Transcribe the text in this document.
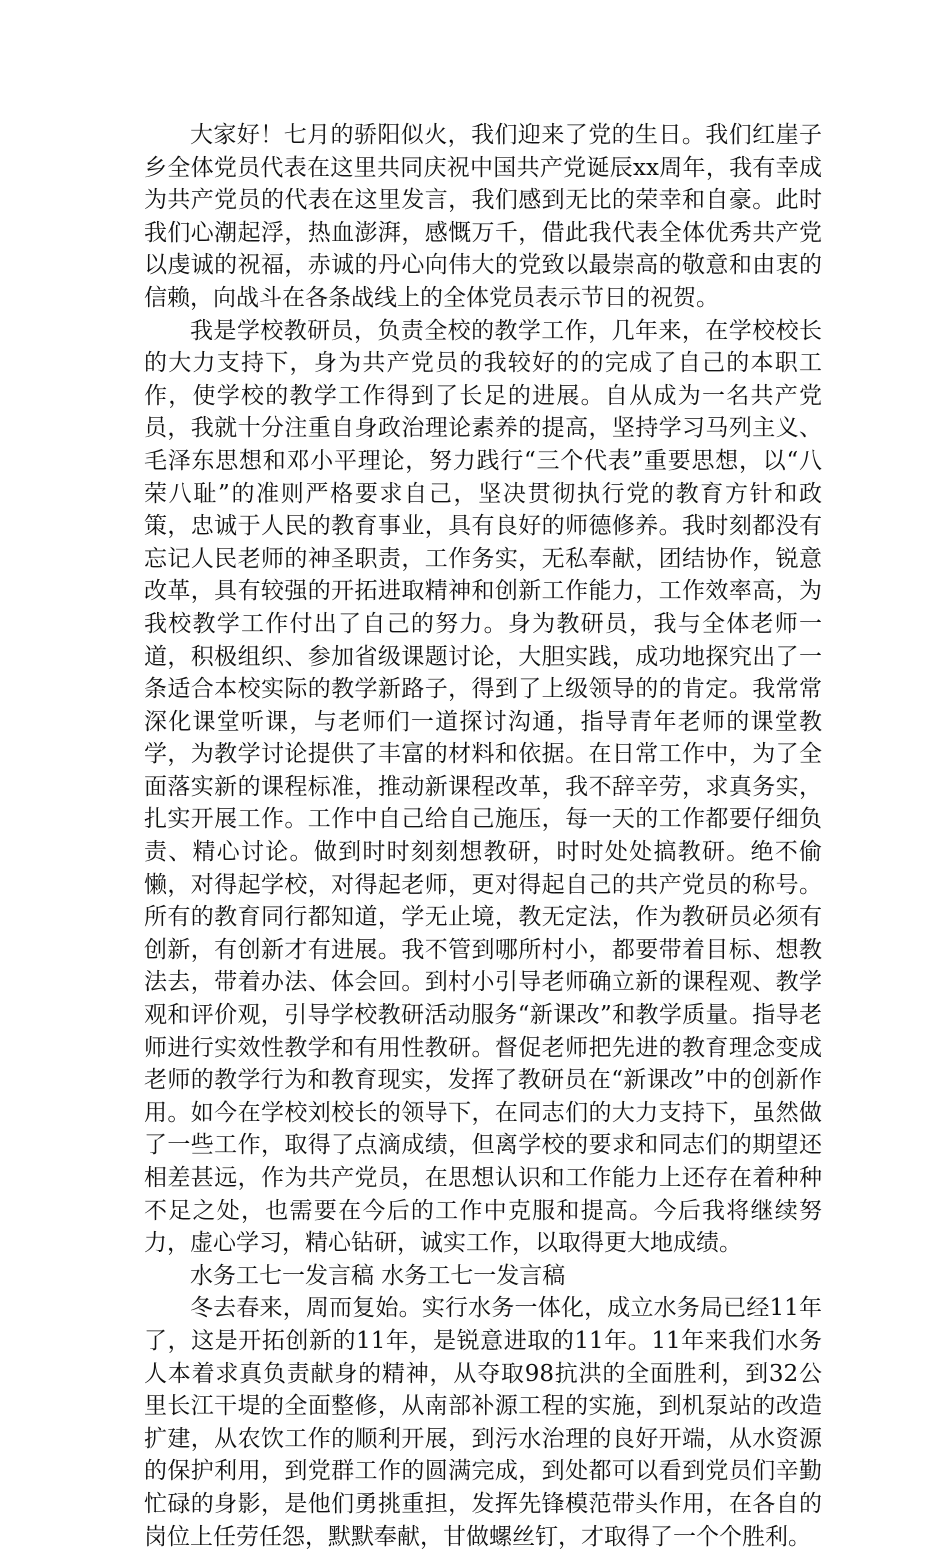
大家好！七月的骄阳似火，我们迎来了党的生日。我们红崖子乡全体党员代表在这里共同庆祝中国共产党诞辰xx周年，我有幸成为共产党员的代表在这里发言，我们感到无比的荣幸和自豪。此时我们心潮起浮，热血澎湃，感慨万千，借此我代表全体优秀共产党以虔诚的祝福，赤诚的丹心向伟大的党致以最崇高的敬意和由衷的信赖，向战斗在各条战线上的全体党员表示节日的祝贺。

我是学校教研员，负责全校的教学工作，几年来，在学校校长的大力支持下，身为共产党员的我较好的的完成了自己的本职工作，使学校的教学工作得到了长足的进展。自从成为一名共产党员，我就十分注重自身政治理论素养的提高，坚持学习马列主义、毛泽东思想和邓小平理论，努力践行“三个代表”重要思想，以“八荣八耻”的准则严格要求自己，坚决贯彻执行党的教育方针和政策，忠诚于人民的教育事业，具有良好的师德修养。我时刻都没有忘记人民老师的神圣职责，工作务实，无私奉献，团结协作，锐意改革，具有较强的开拓进取精神和创新工作能力，工作效率高，为我校教学工作付出了自己的努力。身为教研员，我与全体老师一道，积极组织、参加省级课题讨论，大胆实践，成功地探究出了一条适合本校实际的教学新路子，得到了上级领导的的肯定。我常常深化课堂听课，与老师们一道探讨沟通，指导青年老师的课堂教学，为教学讨论提供了丰富的材料和依据。在日常工作中，为了全面落实新的课程标准，推动新课程改革，我不辞辛劳，求真务实，扎实开展工作。工作中自己给自己施压，每一天的工作都要仔细负责、精心讨论。做到时时刻刻想教研，时时处处搞教研。绝不偷懒，对得起学校，对得起老师，更对得起自己的共产党员的称号。所有的教育同行都知道，学无止境，教无定法，作为教研员必须有创新，有创新才有进展。我不管到哪所村小，都要带着目标、想教法去，带着办法、体会回。到村小引导老师确立新的课程观、教学观和评价观，引导学校教研活动服务“新课改”和教学质量。指导老师进行实效性教学和有用性教研。督促老师把先进的教育理念变成老师的教学行为和教育现实，发挥了教研员在“新课改”中的创新作用。如今在学校刘校长的领导下，在同志们的大力支持下，虽然做了一些工作，取得了点滴成绩，但离学校的要求和同志们的期望还相差甚远，作为共产党员，在思想认识和工作能力上还存在着种种不足之处，也需要在今后的工作中克服和提高。今后我将继续努力，虚心学习，精心钻研，诚实工作，以取得更大地成绩。

水务工七一发言稿 水务工七一发言稿

冬去春来，周而复始。实行水务一体化，成立水务局已经11年了，这是开拓创新的11年，是锐意进取的11年。11年来我们水务人本着求真负责献身的精神，从夺取98抗洪的全面胜利，到32公里长江干堤的全面整修，从南部补源工程的实施，到机泵站的改造扩建，从农饮工作的顺利开展，到污水治理的良好开端，从水资源的保护利用，到党群工作的圆满完成，到处都可以看到党员们辛勤忙碌的身影，是他们勇挑重担，发挥先锋模范带头作用，在各自的岗位上任劳任怨，默默奉献，甘做螺丝钉，才取得了一个个胜利。
